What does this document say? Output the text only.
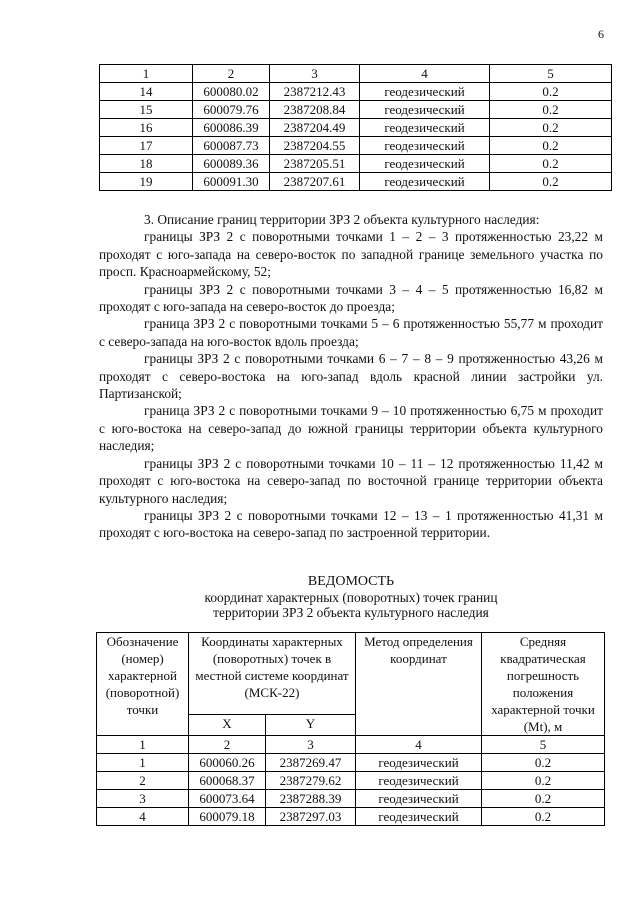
6
1	2	3	4	5
14	600080.02	2387212.43	геодезический	0.2
15	600079.76	2387208.84	геодезический	0.2
16	600086.39	2387204.49	геодезический	0.2
17	600087.73	2387204.55	геодезический	0.2
18	600089.36	2387205.51	геодезический	0.2
19	600091.30	2387207.61	геодезический	0.2

3. Описание границ территории ЗРЗ 2 объекта культурного наследия:

границы ЗРЗ 2 с поворотными точками 1 – 2 – 3 протяженностью 23,22 м проходят с юго-запада на северо-восток по западной границе земельного участка по просп. Красноармейскому, 52;

границы ЗРЗ 2 с поворотными точками 3 – 4 – 5 протяженностью 16,82 м проходят с юго-запада на северо-восток до проезда;

граница ЗРЗ 2 с поворотными точками 5 – 6 протяженностью 55,77 м проходит с северо-запада на юго-восток вдоль проезда;

границы ЗРЗ 2 с поворотными точками 6 – 7 – 8 – 9 протяженностью 43,26 м проходят с северо-востока на юго-запад вдоль красной линии застройки ул. Партизанской;

граница ЗРЗ 2 с поворотными точками 9 – 10 протяженностью 6,75 м проходит с юго-востока на северо-запад до южной границы территории объекта культурного наследия;

границы ЗРЗ 2 с поворотными точками 10 – 11 – 12 протяженностью 11,42 м проходят с юго-востока на северо-запад по восточной границе территории объекта культурного наследия;

границы ЗРЗ 2 с поворотными точками 12 – 13 – 1 протяженностью 41,31 м проходят с юго-востока на северо-запад по застроенной территории.

ВЕДОМОСТЬ
координат характерных (поворотных) точек границ
территории ЗРЗ 2 объекта культурного наследия
Обозначение (номер) характерной (поворотной) точки	Координаты характерных (поворотных) точек в местной системе координат (МСК-22)		Метод определения координат	Средняя квадратическая погрешность положения характерной точки (Mt), м
	X	Y		
1	2	3	4	5
1	600060.26	2387269.47	геодезический	0.2
2	600068.37	2387279.62	геодезический	0.2
3	600073.64	2387288.39	геодезический	0.2
4	600079.18	2387297.03	геодезический	0.2
